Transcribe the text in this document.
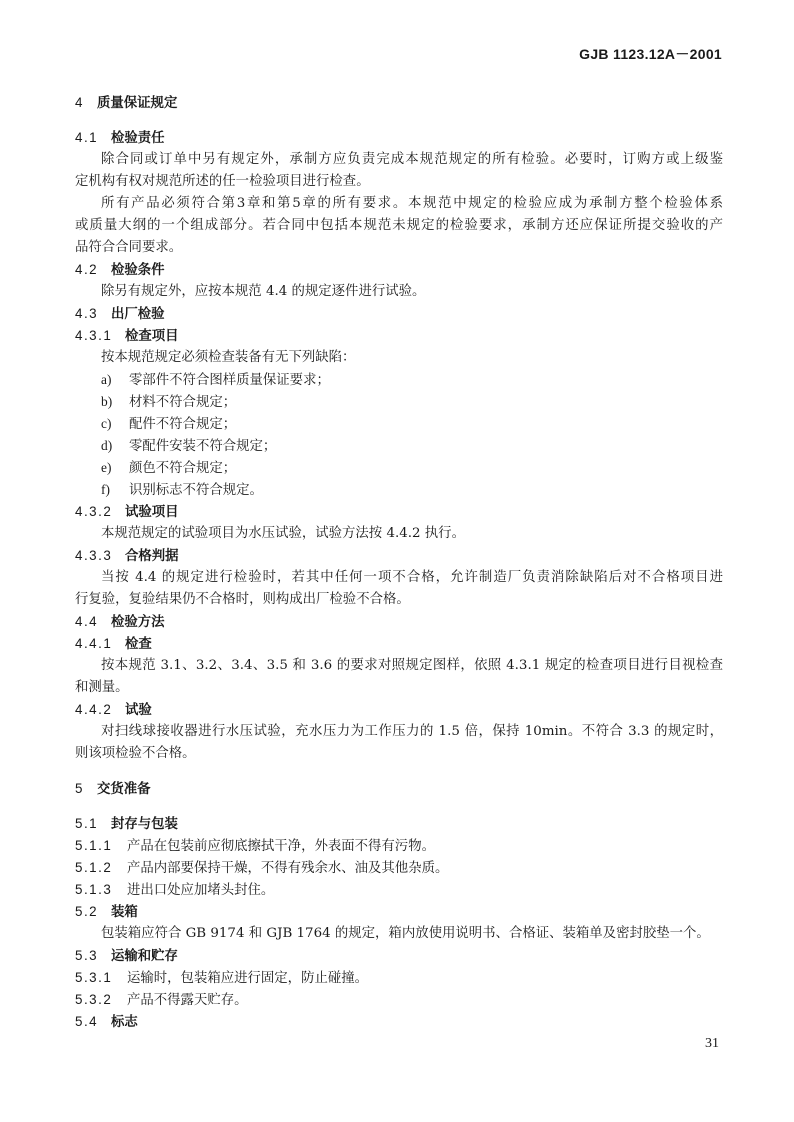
GJB 1123.12A－2001
4 质量保证规定
4.1 检验责任
除合同或订单中另有规定外，承制方应负责完成本规范规定的所有检验。必要时，订购方或上级鉴
定机构有权对规范所述的任一检验项目进行检查。
所有产品必须符合第3章和第5章的所有要求。本规范中规定的检验应成为承制方整个检验体系
或质量大纲的一个组成部分。若合同中包括本规范未规定的检验要求，承制方还应保证所提交验收的产
品符合合同要求。
4.2 检验条件
除另有规定外，应按本规范 4.4 的规定逐件进行试验。
4.3 出厂检验
4.3.1 检查项目
按本规范规定必须检查装备有无下列缺陷：
a) 零部件不符合图样质量保证要求；
b) 材料不符合规定；
c) 配件不符合规定；
d) 零配件安装不符合规定；
e) 颜色不符合规定；
f) 识别标志不符合规定。
4.3.2 试验项目
本规范规定的试验项目为水压试验，试验方法按 4.4.2 执行。
4.3.3 合格判据
当按 4.4 的规定进行检验时，若其中任何一项不合格，允许制造厂负责消除缺陷后对不合格项目进
行复验，复验结果仍不合格时，则构成出厂检验不合格。
4.4 检验方法
4.4.1 检查
按本规范 3.1、3.2、3.4、3.5 和 3.6 的要求对照规定图样，依照 4.3.1 规定的检查项目进行目视检查
和测量。
4.4.2 试验
对扫线球接收器进行水压试验，充水压力为工作压力的 1.5 倍，保持 10min。不符合 3.3 的规定时，
则该项检验不合格。
5 交货准备
5.1 封存与包装
5.1.1 产品在包装前应彻底擦拭干净，外表面不得有污物。
5.1.2 产品内部要保持干燥，不得有残余水、油及其他杂质。
5.1.3 进出口处应加堵头封住。
5.2 装箱
包装箱应符合 GB 9174 和 GJB 1764 的规定，箱内放使用说明书、合格证、装箱单及密封胶垫一个。
5.3 运输和贮存
5.3.1 运输时，包装箱应进行固定，防止碰撞。
5.3.2 产品不得露天贮存。
5.4 标志
31
